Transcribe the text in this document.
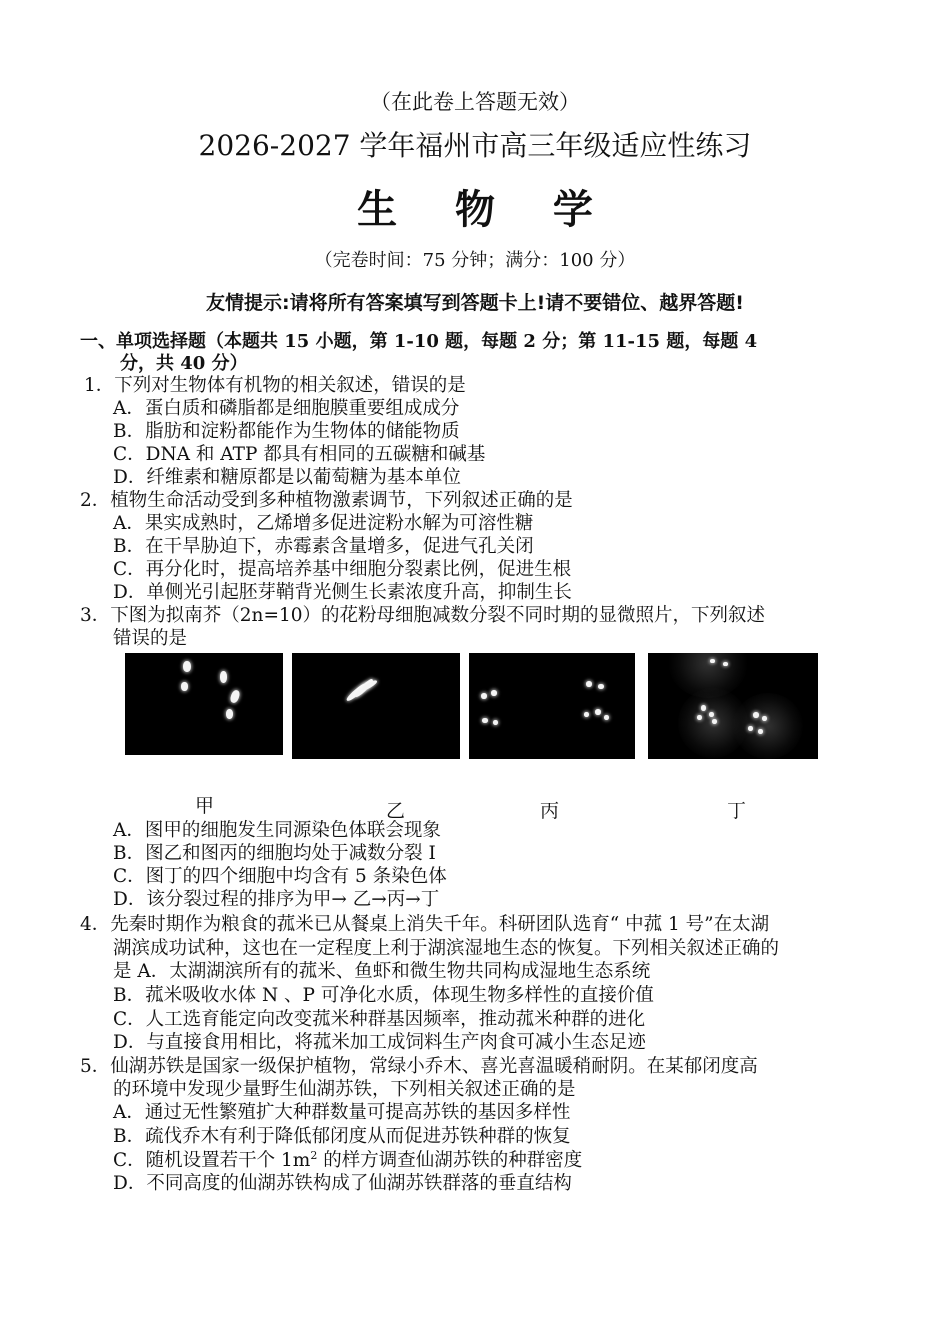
（在此卷上答题无效）
2026-2027 学年福州市高三年级适应性练习
生 物 学
（完卷时间：75 分钟；满分：100 分）
友情提示:请将所有答案填写到答题卡上!请不要错位、越界答题!
一、单项选择题（本题共 15 小题，第 1-10 题，每题 2 分；第 11-15 题，每题 4
分，共 40 分）
1．下列对生物体有机物的相关叙述，错误的是
A．蛋白质和磷脂都是细胞膜重要组成成分
B．脂肪和淀粉都能作为生物体的储能物质
C．DNA 和 ATP 都具有相同的五碳糖和碱基
D．纤维素和糖原都是以葡萄糖为基本单位
2．植物生命活动受到多种植物激素调节，下列叙述正确的是
A．果实成熟时，乙烯增多促进淀粉水解为可溶性糖
B．在干旱胁迫下，赤霉素含量增多，促进气孔关闭
C．再分化时，提高培养基中细胞分裂素比例，促进生根
D．单侧光引起胚芽鞘背光侧生长素浓度升高，抑制生长
3．下图为拟南芥（2n=10）的花粉母细胞减数分裂不同时期的显微照片，下列叙述
错误的是
甲	乙	丙	丁
A．图甲的细胞发生同源染色体联会现象
B．图乙和图丙的细胞均处于减数分裂 I
C．图丁的四个细胞中均含有 5 条染色体
D．该分裂过程的排序为甲→ 乙→丙→丁
4．先秦时期作为粮食的菰米已从餐桌上消失千年。科研团队选育“ 中菰 1 号”在太湖
湖滨成功试种，这也在一定程度上利于湖滨湿地生态的恢复。下列相关叙述正确的
是 A．太湖湖滨所有的菰米、鱼虾和微生物共同构成湿地生态系统
B．菰米吸收水体 N 、P 可净化水质，体现生物多样性的直接价值
C．人工选育能定向改变菰米种群基因频率，推动菰米种群的进化
D．与直接食用相比，将菰米加工成饲料生产肉食可减小生态足迹
5．仙湖苏铁是国家一级保护植物，常绿小乔木、喜光喜温暖稍耐阴。在某郁闭度高
的环境中发现少量野生仙湖苏铁，下列相关叙述正确的是
A．通过无性繁殖扩大种群数量可提高苏铁的基因多样性
B．疏伐乔木有利于降低郁闭度从而促进苏铁种群的恢复
C．随机设置若干个 $1m^2$ 的样方调查仙湖苏铁的种群密度
D．不同高度的仙湖苏铁构成了仙湖苏铁群落的垂直结构
